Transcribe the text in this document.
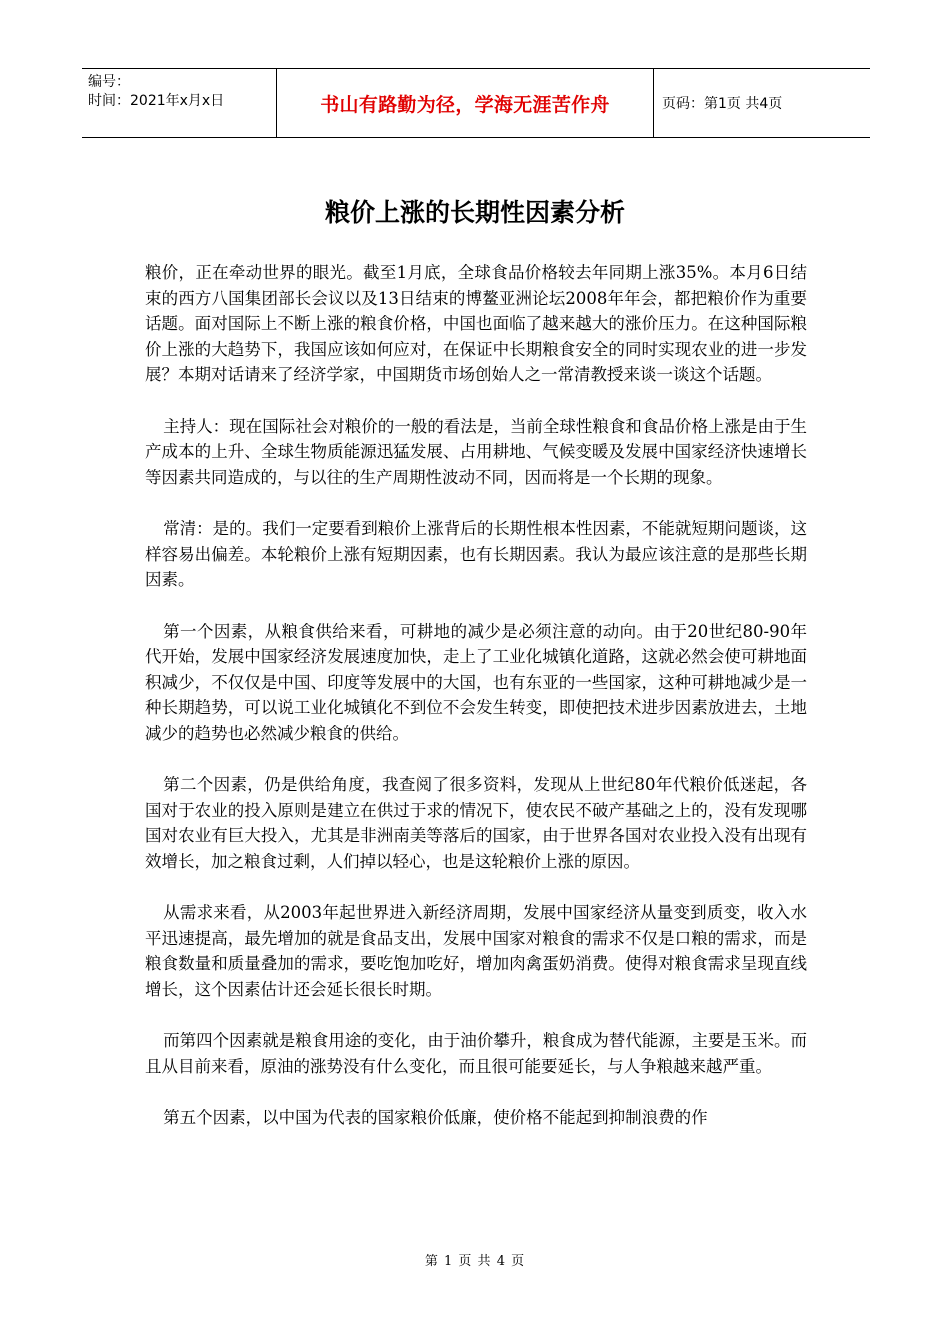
编号：
时间：2021年x月x日	书山有路勤为径，学海无涯苦作舟	页码：第1页 共4页
粮价上涨的长期性因素分析

粮价，正在牵动世界的眼光。截至1月底，全球食品价格较去年同期上涨35%。本月6日结束的西方八国集团部长会议以及13日结束的博鳌亚洲论坛2008年年会，都把粮价作为重要话题。面对国际上不断上涨的粮食价格，中国也面临了越来越大的涨价压力。在这种国际粮价上涨的大趋势下，我国应该如何应对，在保证中长期粮食安全的同时实现农业的进一步发展？本期对话请来了经济学家，中国期货市场创始人之一常清教授来谈一谈这个话题。

主持人：现在国际社会对粮价的一般的看法是，当前全球性粮食和食品价格上涨是由于生产成本的上升、全球生物质能源迅猛发展、占用耕地、气候变暖及发展中国家经济快速增长等因素共同造成的，与以往的生产周期性波动不同，因而将是一个长期的现象。

常清：是的。我们一定要看到粮价上涨背后的长期性根本性因素，不能就短期问题谈，这样容易出偏差。本轮粮价上涨有短期因素，也有长期因素。我认为最应该注意的是那些长期因素。

第一个因素，从粮食供给来看，可耕地的减少是必须注意的动向。由于20世纪80-90年代开始，发展中国家经济发展速度加快，走上了工业化城镇化道路，这就必然会使可耕地面积减少，不仅仅是中国、印度等发展中的大国，也有东亚的一些国家，这种可耕地减少是一种长期趋势，可以说工业化城镇化不到位不会发生转变，即使把技术进步因素放进去，土地减少的趋势也必然减少粮食的供给。

第二个因素，仍是供给角度，我查阅了很多资料，发现从上世纪80年代粮价低迷起，各国对于农业的投入原则是建立在供过于求的情况下，使农民不破产基础之上的，没有发现哪国对农业有巨大投入，尤其是非洲南美等落后的国家，由于世界各国对农业投入没有出现有效增长，加之粮食过剩，人们掉以轻心，也是这轮粮价上涨的原因。

从需求来看，从2003年起世界进入新经济周期，发展中国家经济从量变到质变，收入水平迅速提高，最先增加的就是食品支出，发展中国家对粮食的需求不仅是口粮的需求，而是粮食数量和质量叠加的需求，要吃饱加吃好，增加肉禽蛋奶消费。使得对粮食需求呈现直线增长，这个因素估计还会延长很长时期。

而第四个因素就是粮食用途的变化，由于油价攀升，粮食成为替代能源，主要是玉米。而且从目前来看，原油的涨势没有什么变化，而且很可能要延长，与人争粮越来越严重。

第五个因素，以中国为代表的国家粮价低廉，使价格不能起到抑制浪费的作

第 1 页 共 4 页
